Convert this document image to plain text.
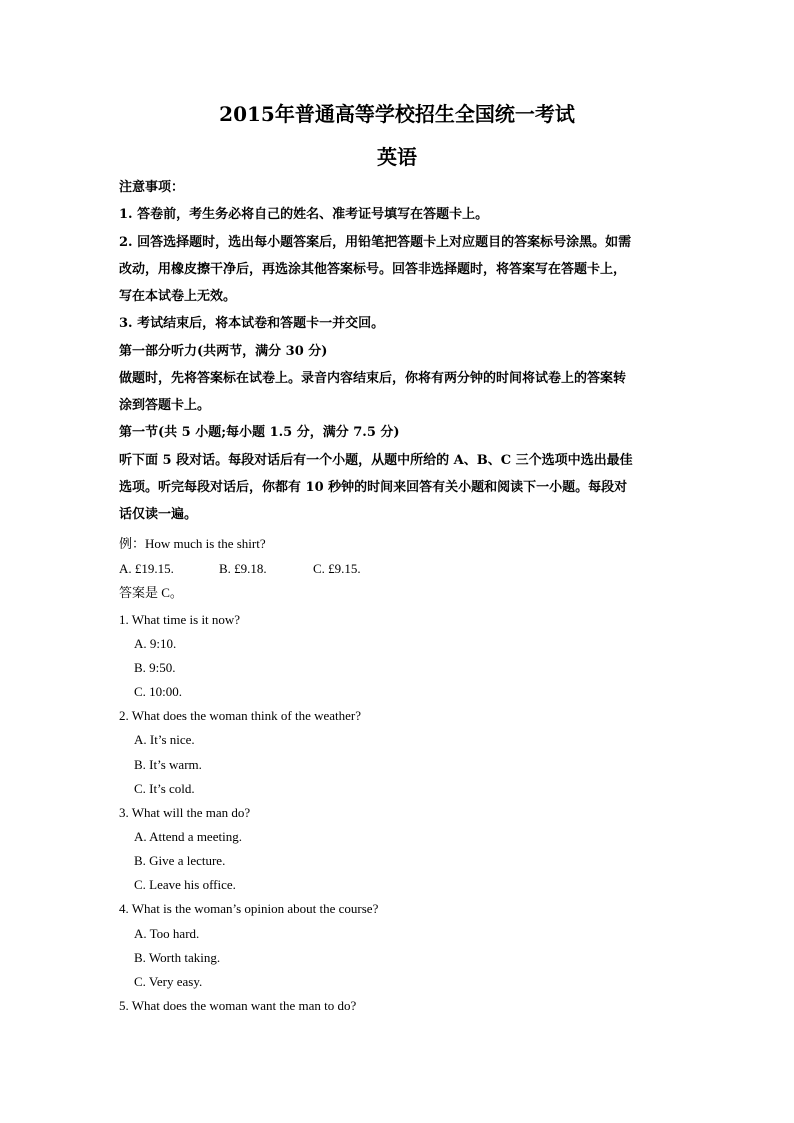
2015年普通高等学校招生全国统一考试
英语
注意事项：
1. 答卷前，考生务必将自己的姓名、准考证号填写在答题卡上。
2. 回答选择题时，选出每小题答案后，用铅笔把答题卡上对应题目的答案标号涂黑。如需
改动，用橡皮擦干净后，再选涂其他答案标号。回答非选择题时，将答案写在答题卡上，
写在本试卷上无效。
3. 考试结束后，将本试卷和答题卡一并交回。
第一部分听力(共两节，满分 30 分)
做题时，先将答案标在试卷上。录音内容结束后，你将有两分钟的时间将试卷上的答案转
涂到答题卡上。
第一节(共 5 小题;每小题 1.5 分，满分 7.5 分)
听下面 5 段对话。每段对话后有一个小题，从题中所给的 A、B、C 三个选项中选出最佳
选项。听完每段对话后，你都有 10 秒钟的时间来回答有关小题和阅读下一小题。每段对
话仅读一遍。
例：How much is the shirt?
A. £19.15.	B. £9.18.	C. £9.15.
答案是 C。
1. What time is it now?
A. 9:10.
B. 9:50.
C. 10:00.
2. What does the woman think of the weather?
A. It’s nice.
B. It’s warm.
C. It’s cold.
3. What will the man do?
A. Attend a meeting.
B. Give a lecture.
C. Leave his office.
4. What is the woman’s opinion about the course?
A. Too hard.
B. Worth taking.
C. Very easy.
5. What does the woman want the man to do?
